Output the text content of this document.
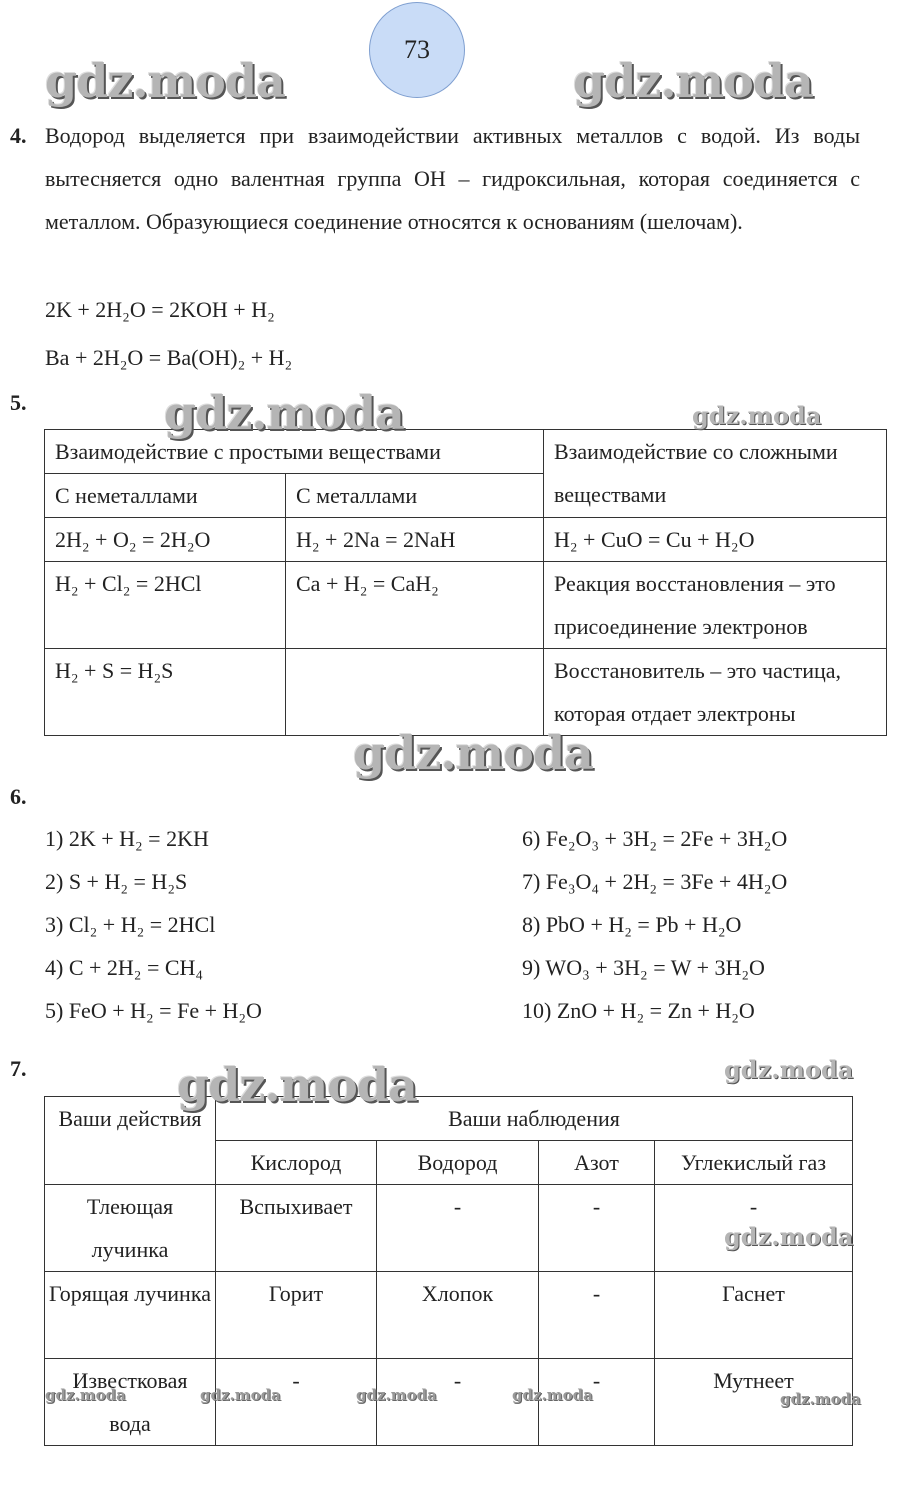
73
gdz.moda	gdz.moda
4. Водород выделяется при взаимодействии активных металлов с водой. Из воды вытесняется одно валентная группа ОН – гидроксильная, которая соединяется с металлом. Образующиеся соединение относятся к основаниям (шелочам).
2K + 2H₂O = 2KOH + H₂
Ba + 2H₂O = Ba(OH)₂ + H₂
5.
Взаимодействие с простыми веществами		Взаимодействие со сложными веществами
С неметаллами	С металлами	
2H₂ + O₂ = 2H₂O	H₂ + 2Na = 2NaH	H₂ + CuO = Cu + H₂O
H₂ + Cl₂ = 2HCl	Ca + H₂ = CaH₂	Реакция восстановления – это присоединение электронов
H₂ + S = H₂S		Восстановитель – это частица, которая отдает электроны
gdz.moda	gdz.moda
gdz.moda
6.
1) 2K + H₂ = 2KH
2) S + H₂ = H₂S
3) Cl₂ + H₂ = 2HCl
4) C + 2H₂ = CH₄
5) FeO + H₂ = Fe + H₂O
6) Fe₂O₃ + 3H₂ = 2Fe + 3H₂O
7) Fe₃O₄ + 2H₂ = 3Fe + 4H₂O
8) PbO + H₂ = Pb + H₂O
9) WO₃ + 3H₂ = W + 3H₂O
10) ZnO + H₂ = Zn + H₂O
7.
Ваши действия	Ваши наблюдения			
	Кислород	Водород	Азот	Углекислый газ
Тлеющая лучинка	Вспыхивает	-	-	-
Горящая лучинка	Горит	Хлопок	-	Гаснет
Известковая вода	-	-	-	Мутнеет
gdz.moda	gdz.moda
gdz.moda
gdz.moda	gdz.moda	gdz.moda	gdz.moda	gdz.moda
